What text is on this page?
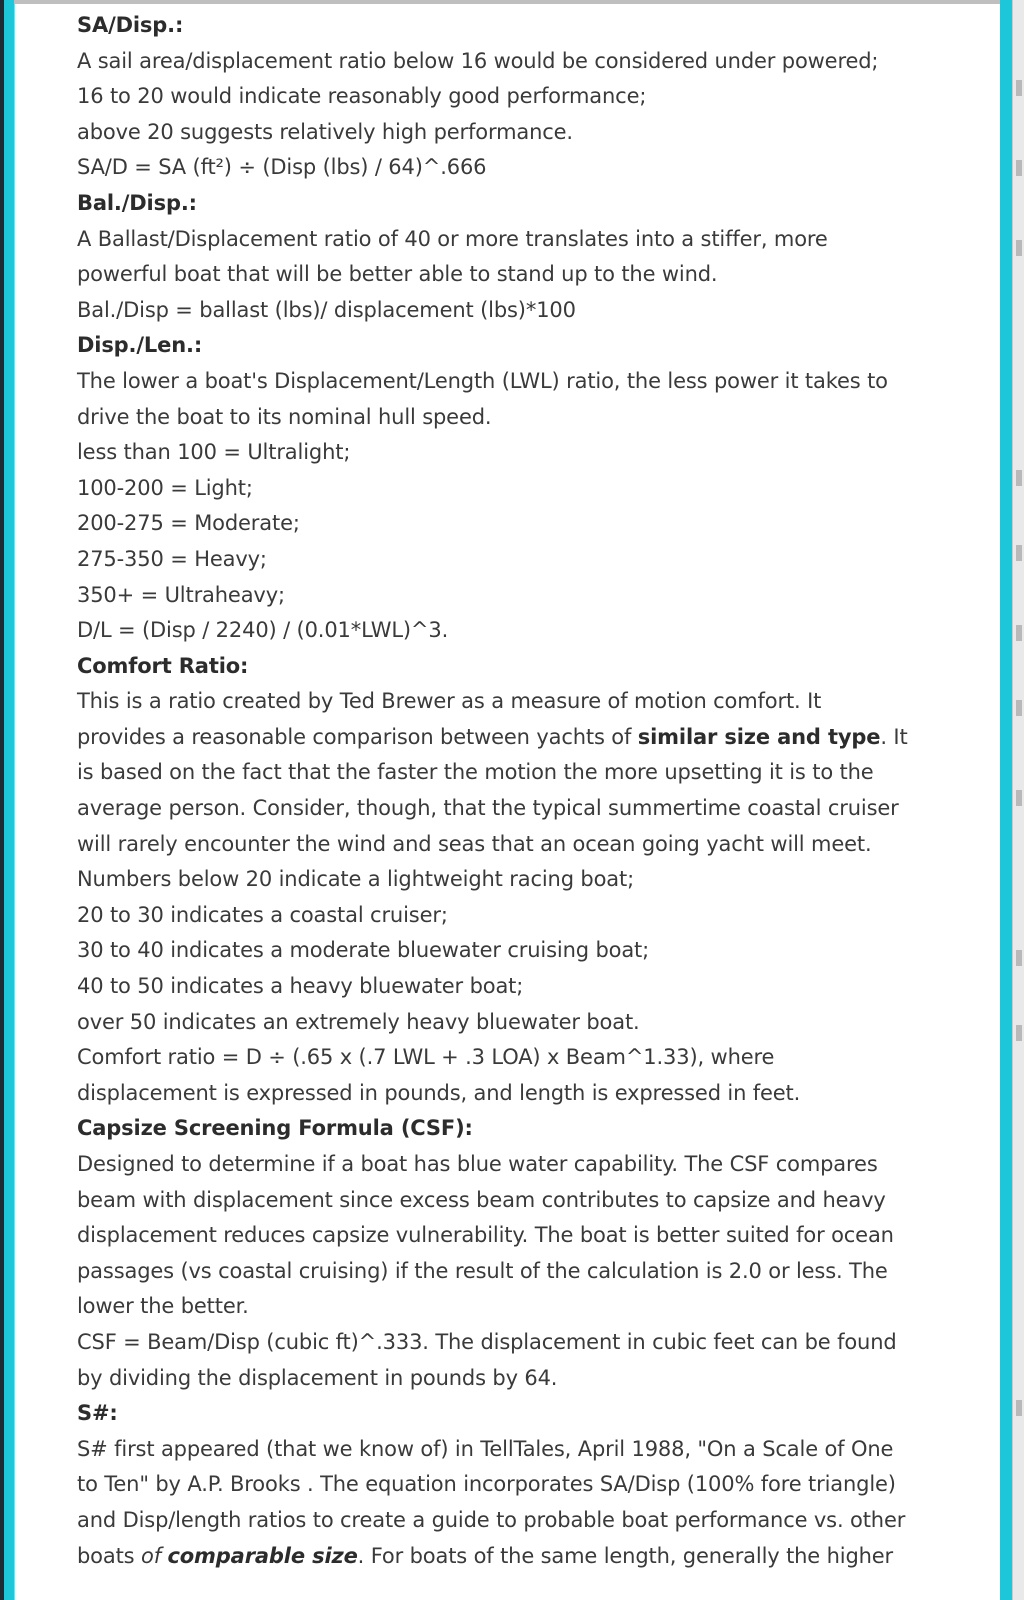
SA/Disp.:
A sail area/displacement ratio below 16 would be considered under powered;
16 to 20 would indicate reasonably good performance;
above 20 suggests relatively high performance.
SA/D = SA (ft²) ÷ (Disp (lbs) / 64)^.666
Bal./Disp.:
A Ballast/Displacement ratio of 40 or more translates into a stiffer, more
powerful boat that will be better able to stand up to the wind.
Bal./Disp = ballast (lbs)/ displacement (lbs)*100
Disp./Len.:
The lower a boat's Displacement/Length (LWL) ratio, the less power it takes to
drive the boat to its nominal hull speed.
less than 100 = Ultralight;
100-200 = Light;
200-275 = Moderate;
275-350 = Heavy;
350+ = Ultraheavy;
D/L = (Disp / 2240) / (0.01*LWL)^3.
Comfort Ratio:
This is a ratio created by Ted Brewer as a measure of motion comfort. It
provides a reasonable comparison between yachts of similar size and type. It
is based on the fact that the faster the motion the more upsetting it is to the
average person. Consider, though, that the typical summertime coastal cruiser
will rarely encounter the wind and seas that an ocean going yacht will meet.
Numbers below 20 indicate a lightweight racing boat;
20 to 30 indicates a coastal cruiser;
30 to 40 indicates a moderate bluewater cruising boat;
40 to 50 indicates a heavy bluewater boat;
over 50 indicates an extremely heavy bluewater boat.
Comfort ratio = D ÷ (.65 x (.7 LWL + .3 LOA) x Beam^1.33), where
displacement is expressed in pounds, and length is expressed in feet.
Capsize Screening Formula (CSF):
Designed to determine if a boat has blue water capability. The CSF compares
beam with displacement since excess beam contributes to capsize and heavy
displacement reduces capsize vulnerability. The boat is better suited for ocean
passages (vs coastal cruising) if the result of the calculation is 2.0 or less. The
lower the better.
CSF = Beam/Disp (cubic ft)^.333. The displacement in cubic feet can be found
by dividing the displacement in pounds by 64.
S#:
S# first appeared (that we know of) in TellTales, April 1988, "On a Scale of One
to Ten" by A.P. Brooks . The equation incorporates SA/Disp (100% fore triangle)
and Disp/length ratios to create a guide to probable boat performance vs. other
boats of comparable size. For boats of the same length, generally the higher
